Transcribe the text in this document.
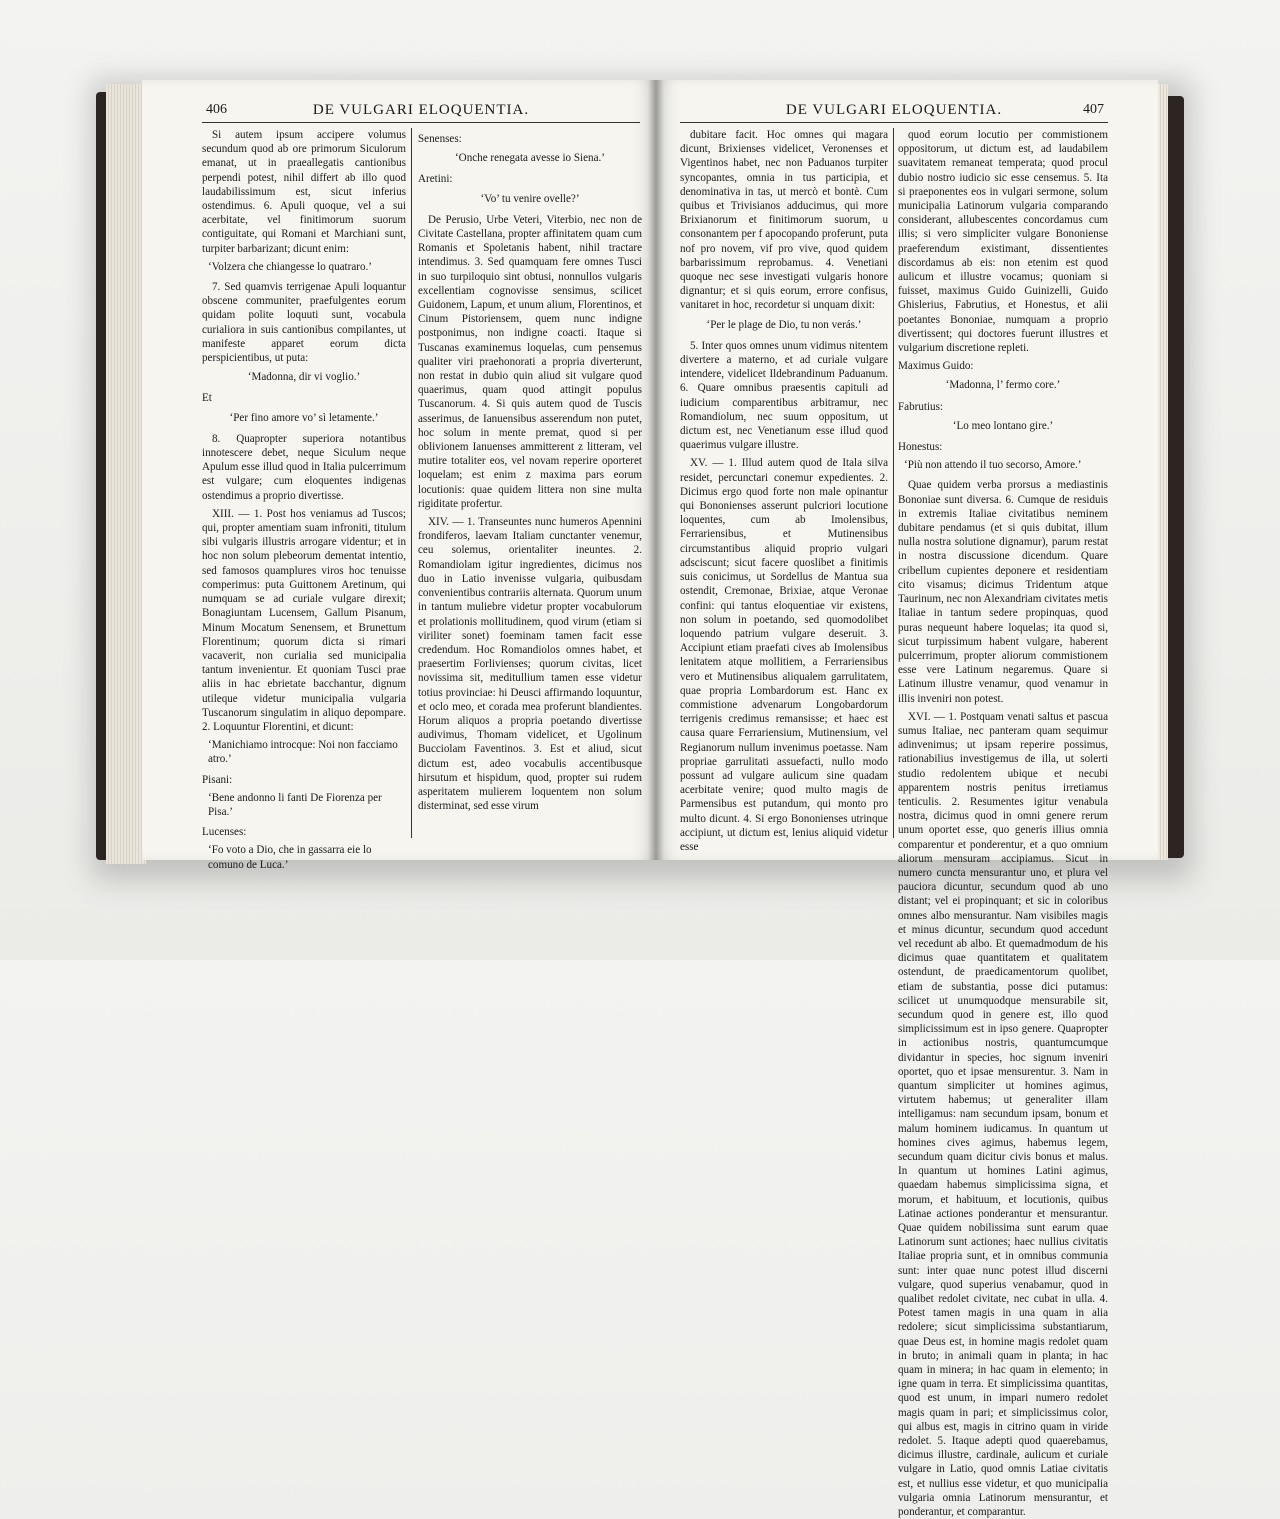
406	DE VULGARI ELOQUENTIA.

Si autem ipsum accipere volumus secundum quod ab ore primorum Siculorum emanat, ut in praeallegatis cantionibus perpendi potest, nihil differt ab illo quod laudabilissimum est, sicut inferius ostendimus. 6. Apuli quoque, vel a sui acerbitate, vel finitimorum suorum contiguitate, qui Romani et Marchiani sunt, turpiter barbarizant; dicunt enim:

‘Volzera che chiangesse lo quatraro.’

7. Sed quamvis terrigenae Apuli loquantur obscene communiter, praefulgentes eorum quidam polite loquuti sunt, vocabula curialiora in suis cantionibus compilantes, ut manifeste apparet eorum dicta perspicientibus, ut puta:

‘Madonna, dir vi voglio.’

Et

‘Per fino amore vo’ sì letamente.’

8. Quapropter superiora notantibus innotescere debet, neque Siculum neque Apulum esse illud quod in Italia pulcerrimum est vulgare; cum eloquentes indigenas ostendimus a proprio divertisse.

XIII. — 1. Post hos veniamus ad Tuscos; qui, propter amentiam suam infroniti, titulum sibi vulgaris illustris arrogare videntur; et in hoc non solum plebeorum dementat intentio, sed famosos quamplures viros hoc tenuisse comperimus: puta Guittonem Aretinum, qui numquam se ad curiale vulgare direxit; Bonagiuntam Lucensem, Gallum Pisanum, Minum Mocatum Senensem, et Brunettum Florentinum; quorum dicta si rimari vacaverit, non curialia sed municipalia tantum invenientur. Et quoniam Tusci prae aliis in hac ebrietate bacchantur, dignum utileque videtur municipalia vulgaria Tuscanorum singulatim in aliquo depompare. 2. Loquuntur Florentini, et dicunt:

‘Manichiamo introcque: Noi non facciamo atro.’

Pisani:

‘Bene andonno li fanti De Fiorenza per Pisa.’

Lucenses:

‘Fo voto a Dio, che in gassarra eie lo comuno de Luca.’

Senenses:

‘Onche renegata avesse io Siena.’

Aretini:

‘Vo’ tu venire ovelle?’

De Perusio, Urbe Veteri, Viterbio, nec non de Civitate Castellana, propter affinitatem quam cum Romanis et Spoletanis habent, nihil tractare intendimus. 3. Sed quamquam fere omnes Tusci in suo turpiloquio sint obtusi, nonnullos vulgaris excellentiam cognovisse sensimus, scilicet Guidonem, Lapum, et unum alium, Florentinos, et Cinum Pistoriensem, quem nunc indigne postponimus, non indigne coacti. Itaque si Tuscanas examinemus loquelas, cum pensemus qualiter viri praehonorati a propria diverterunt, non restat in dubio quin aliud sit vulgare quod quaerimus, quam quod attingit populus Tuscanorum. 4. Si quis autem quod de Tuscis asserimus, de Ianuensibus asserendum non putet, hoc solum in mente premat, quod si per oblivionem Ianuenses ammitterent z litteram, vel mutire totaliter eos, vel novam reperire oporteret loquelam; est enim z maxima pars eorum locutionis: quae quidem littera non sine multa rigiditate profertur.

XIV. — 1. Transeuntes nunc humeros Apennini frondiferos, laevam Italiam cunctanter venemur, ceu solemus, orientaliter ineuntes. 2. Romandiolam igitur ingredientes, dicimus nos duo in Latio invenisse vulgaria, quibusdam convenientibus contrariis alternata. Quorum unum in tantum muliebre videtur propter vocabulorum et prolationis mollitudinem, quod virum (etiam si viriliter sonet) foeminam tamen facit esse credendum. Hoc Romandiolos omnes habet, et praesertim Forlivienses; quorum civitas, licet novissima sit, meditullium tamen esse videtur totius provinciae: hi Deusci affirmando loquuntur, et oclo meo, et corada mea proferunt blandientes. Horum aliquos a propria poetando divertisse audivimus, Thomam videlicet, et Ugolinum Bucciolam Faventinos. 3. Est et aliud, sicut dictum est, adeo vocabulis accentibusque hirsutum et hispidum, quod, propter sui rudem asperitatem mulierem loquentem non solum disterminat, sed esse virum

DE VULGARI ELOQUENTIA.	407

dubitare facit. Hoc omnes qui magara dicunt, Brixienses videlicet, Veronenses et Vigentinos habet, nec non Paduanos turpiter syncopantes, omnia in tus participia, et denominativa in tas, ut mercò et bontè. Cum quibus et Trivisianos adducimus, qui more Brixianorum et finitimorum suorum, u consonantem per f apocopando proferunt, puta nof pro novem, vif pro vive, quod quidem barbarissimum reprobamus. 4. Venetiani quoque nec sese investigati vulgaris honore dignantur; et si quis eorum, errore confisus, vanitaret in hoc, recordetur si unquam dixit:

‘Per le plage de Dio, tu non verás.’

5. Inter quos omnes unum vidimus nitentem divertere a materno, et ad curiale vulgare intendere, videlicet Ildebrandinum Paduanum. 6. Quare omnibus praesentis capituli ad iudicium comparentibus arbitramur, nec Romandiolum, nec suum oppositum, ut dictum est, nec Venetianum esse illud quod quaerimus vulgare illustre.

XV. — 1. Illud autem quod de Itala silva residet, percunctari conemur expedientes. 2. Dicimus ergo quod forte non male opinantur qui Bononienses asserunt pulcriori locutione loquentes, cum ab Imolensibus, Ferrariensibus, et Mutinensibus circumstantibus aliquid proprio vulgari adsciscunt; sicut facere quoslibet a finitimis suis conicimus, ut Sordellus de Mantua sua ostendit, Cremonae, Brixiae, atque Veronae confini: qui tantus eloquentiae vir existens, non solum in poetando, sed quomodolibet loquendo patrium vulgare deseruit. 3. Accipiunt etiam praefati cives ab Imolensibus lenitatem atque mollitiem, a Ferrariensibus vero et Mutinensibus aliqualem garrulitatem, quae propria Lombardorum est. Hanc ex commistione advenarum Longobardorum terrigenis credimus remansisse; et haec est causa quare Ferrariensium, Mutinensium, vel Regianorum nullum invenimus poetasse. Nam propriae garrulitati assuefacti, nullo modo possunt ad vulgare aulicum sine quadam acerbitate venire; quod multo magis de Parmensibus est putandum, qui monto pro multo dicunt. 4. Si ergo Bononienses utrinque accipiunt, ut dictum est, lenius aliquid videtur esse

quod eorum locutio per commistionem oppositorum, ut dictum est, ad laudabilem suavitatem remaneat temperata; quod procul dubio nostro iudicio sic esse censemus. 5. Ita si praeponentes eos in vulgari sermone, solum municipalia Latinorum vulgaria comparando considerant, allubescentes concordamus cum illis; si vero simpliciter vulgare Bononiense praeferendum existimant, dissentientes discordamus ab eis: non etenim est quod aulicum et illustre vocamus; quoniam si fuisset, maximus Guido Guinizelli, Guido Ghislerius, Fabrutius, et Honestus, et alii poetantes Bononiae, numquam a proprio divertissent; qui doctores fuerunt illustres et vulgarium discretione repleti.

Maximus Guido:

‘Madonna, l’ fermo core.’

Fabrutius:

‘Lo meo lontano gire.’

Honestus:

‘Più non attendo il tuo secorso, Amore.’

Quae quidem verba prorsus a mediastinis Bononiae sunt diversa. 6. Cumque de residuis in extremis Italiae civitatibus neminem dubitare pendamus (et si quis dubitat, illum nulla nostra solutione dignamur), parum restat in nostra discussione dicendum. Quare cribellum cupientes deponere et residentiam cito visamus; dicimus Tridentum atque Taurinum, nec non Alexandriam civitates metis Italiae in tantum sedere propinquas, quod puras nequeunt habere loquelas; ita quod si, sicut turpissimum habent vulgare, haberent pulcerrimum, propter aliorum commistionem esse vere Latinum negaremus. Quare si Latinum illustre venamur, quod venamur in illis inveniri non potest.

XVI. — 1. Postquam venati saltus et pascua sumus Italiae, nec panteram quam sequimur adinvenimus; ut ipsam reperire possimus, rationabilius investigemus de illa, ut solerti studio redolentem ubique et necubi apparentem nostris penitus irretiamus tenticulis. 2. Resumentes igitur venabula nostra, dicimus quod in omni genere rerum unum oportet esse, quo generis illius omnia comparentur et ponderentur, et a quo omnium aliorum mensuram accipiamus. Sicut in numero cuncta mensurantur uno, et plura vel pauciora dicuntur, secundum quod ab uno distant; vel ei propinquant; et sic in coloribus omnes albo mensurantur. Nam visibiles magis et minus dicuntur, secundum quod accedunt vel recedunt ab albo. Et quemadmodum de his dicimus quae quantitatem et qualitatem ostendunt, de praedicamentorum quolibet, etiam de substantia, posse dici putamus: scilicet ut unumquodque mensurabile sit, secundum quod in genere est, illo quod simplicissimum est in ipso genere. Quapropter in actionibus nostris, quantumcumque dividantur in species, hoc signum inveniri oportet, quo et ipsae mensurentur. 3. Nam in quantum simpliciter ut homines agimus, virtutem habemus; ut generaliter illam intelligamus: nam secundum ipsam, bonum et malum hominem iudicamus. In quantum ut homines cives agimus, habemus legem, secundum quam dicitur civis bonus et malus. In quantum ut homines Latini agimus, quaedam habemus simplicissima signa, et morum, et habituum, et locutionis, quibus Latinae actiones ponderantur et mensurantur. Quae quidem nobilissima sunt earum quae Latinorum sunt actiones; haec nullius civitatis Italiae propria sunt, et in omnibus communia sunt: inter quae nunc potest illud discerni vulgare, quod superius venabamur, quod in qualibet redolet civitate, nec cubat in ulla. 4. Potest tamen magis in una quam in alia redolere; sicut simplicissima substantiarum, quae Deus est, in homine magis redolet quam in bruto; in animali quam in planta; in hac quam in minera; in hac quam in elemento; in igne quam in terra. Et simplicissima quantitas, quod est unum, in impari numero redolet magis quam in pari; et simplicissimus color, qui albus est, magis in citrino quam in viride redolet. 5. Itaque adepti quod quaerebamus, dicimus illustre, cardinale, aulicum et curiale vulgare in Latio, quod omnis Latiae civitatis est, et nullius esse videtur, et quo municipalia vulgaria omnia Latinorum mensurantur, et ponderantur, et comparantur.
